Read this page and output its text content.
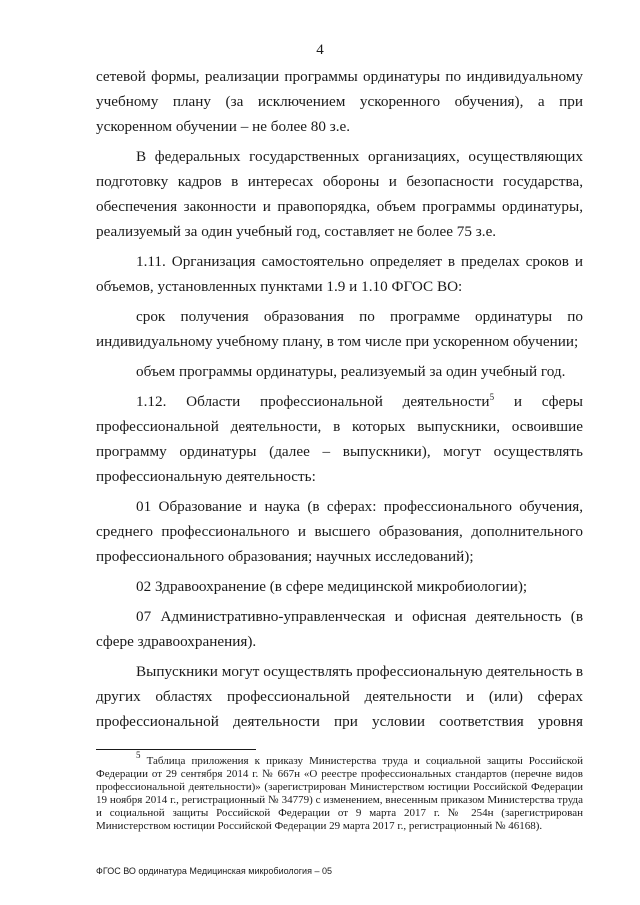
4

сетевой формы, реализации программы ординатуры по индивидуальному учебному плану (за исключением ускоренного обучения), а при ускоренном обучении – не более 80 з.е.

В федеральных государственных организациях, осуществляющих подготовку кадров в интересах обороны и безопасности государства, обеспечения законности и правопорядка, объем программы ординатуры, реализуемый за один учебный год, составляет не более 75 з.е.

1.11. Организация самостоятельно определяет в пределах сроков и объемов, установленных пунктами 1.9 и 1.10 ФГОС ВО:

срок получения образования по программе ординатуры по индивидуальному учебному плану, в том числе при ускоренном обучении;

объем программы ординатуры, реализуемый за один учебный год.

1.12. Области профессиональной деятельности$^5$ и сферы профессиональной деятельности, в которых выпускники, освоившие программу ординатуры (далее – выпускники), могут осуществлять профессиональную деятельность:

01 Образование и наука (в сферах: профессионального обучения, среднего профессионального и высшего образования, дополнительного профессионального образования; научных исследований);

02 Здравоохранение (в сфере медицинской микробиологии);

07 Административно-управленческая и офисная деятельность (в сфере здравоохранения).

Выпускники могут осуществлять профессиональную деятельность в других областях профессиональной деятельности и (или) сферах профессиональной деятельности при условии соответствия уровня

$^5$ Таблица приложения к приказу Министерства труда и социальной защиты Российской Федерации от 29 сентября 2014 г. № 667н «О реестре профессиональных стандартов (перечне видов профессиональной деятельности)» (зарегистрирован Министерством юстиции Российской Федерации 19 ноября 2014 г., регистрационный № 34779) с изменением, внесенным приказом Министерства труда и социальной защиты Российской Федерации от 9 марта 2017 г. № 254н (зарегистрирован Министерством юстиции Российской Федерации 29 марта 2017 г., регистрационный № 46168).

ФГОС ВО ординатура Медицинская микробиология – 05
